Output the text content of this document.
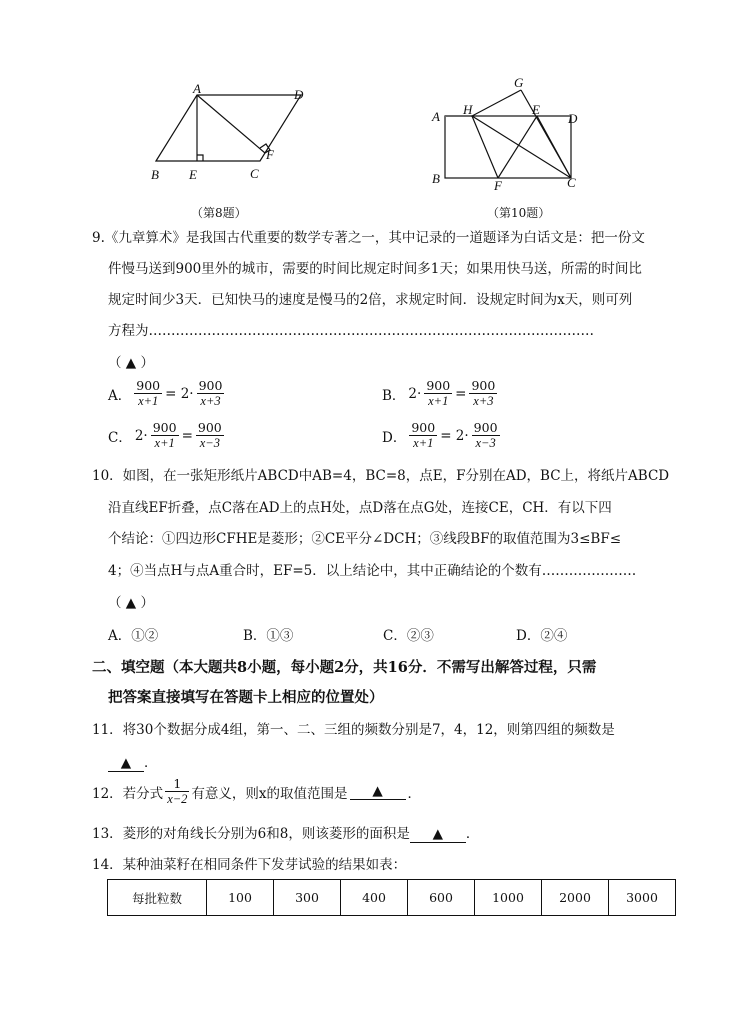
A	D
B E	C
F
（第8题）
G
H	E
A	D
B	F	C
（第10题）
9.《九章算术》是我国古代重要的数学专著之一，其中记录的一道题译为白话文是：把一份文
件慢马送到900里外的城市，需要的时间比规定时间多1天；如果用快马送，所需的时间比
规定时间少3天．已知快马的速度是慢马的2倍，求规定时间．设规定时间为x天，则可列
方程为………………………………………………………………………………………
（ ▲ ）
A． $\frac{900}{x+1} = 2\cdot \frac{900}{x+3}$	B． $2\cdot \frac{900}{x+1} = \frac{900}{x+3}$
C． $2\cdot \frac{900}{x+1} = \frac{900}{x-3}$	D． $\frac{900}{x+1} = 2\cdot \frac{900}{x-3}$
10．如图，在一张矩形纸片ABCD中AB=4，BC=8，点E，F分别在AD，BC上，将纸片ABCD
沿直线EF折叠，点C落在AD上的点H处，点D落在点G处，连接CE，CH．有以下四
个结论：①四边形CFHE是菱形；②CE平分∠DCH；③线段BF的取值范围为3≤BF≤
4；④当点H与点A重合时，EF=5．以上结论中，其中正确结论的个数有…………………
（ ▲ ）
A．①②	B．①③	C．②③	D．②④
二、填空题（本大题共8小题，每小题2分，共16分．不需写出解答过程，只需
把答案直接填写在答题卡上相应的位置处）
11．将30个数据分成4组，第一、二、三组的频数分别是7，4，12，则第四组的频数是
▲ ．
12．若分式 $\frac{1}{x-2}$ 有意义，则x的取值范围是	▲	．
13．菱形的对角线长分别为6和8，则该菱形的面积是 ▲ ．
14．某种油菜籽在相同条件下发芽试验的结果如表：
每批粒数	100	300	400	600	1000	2000	3000
